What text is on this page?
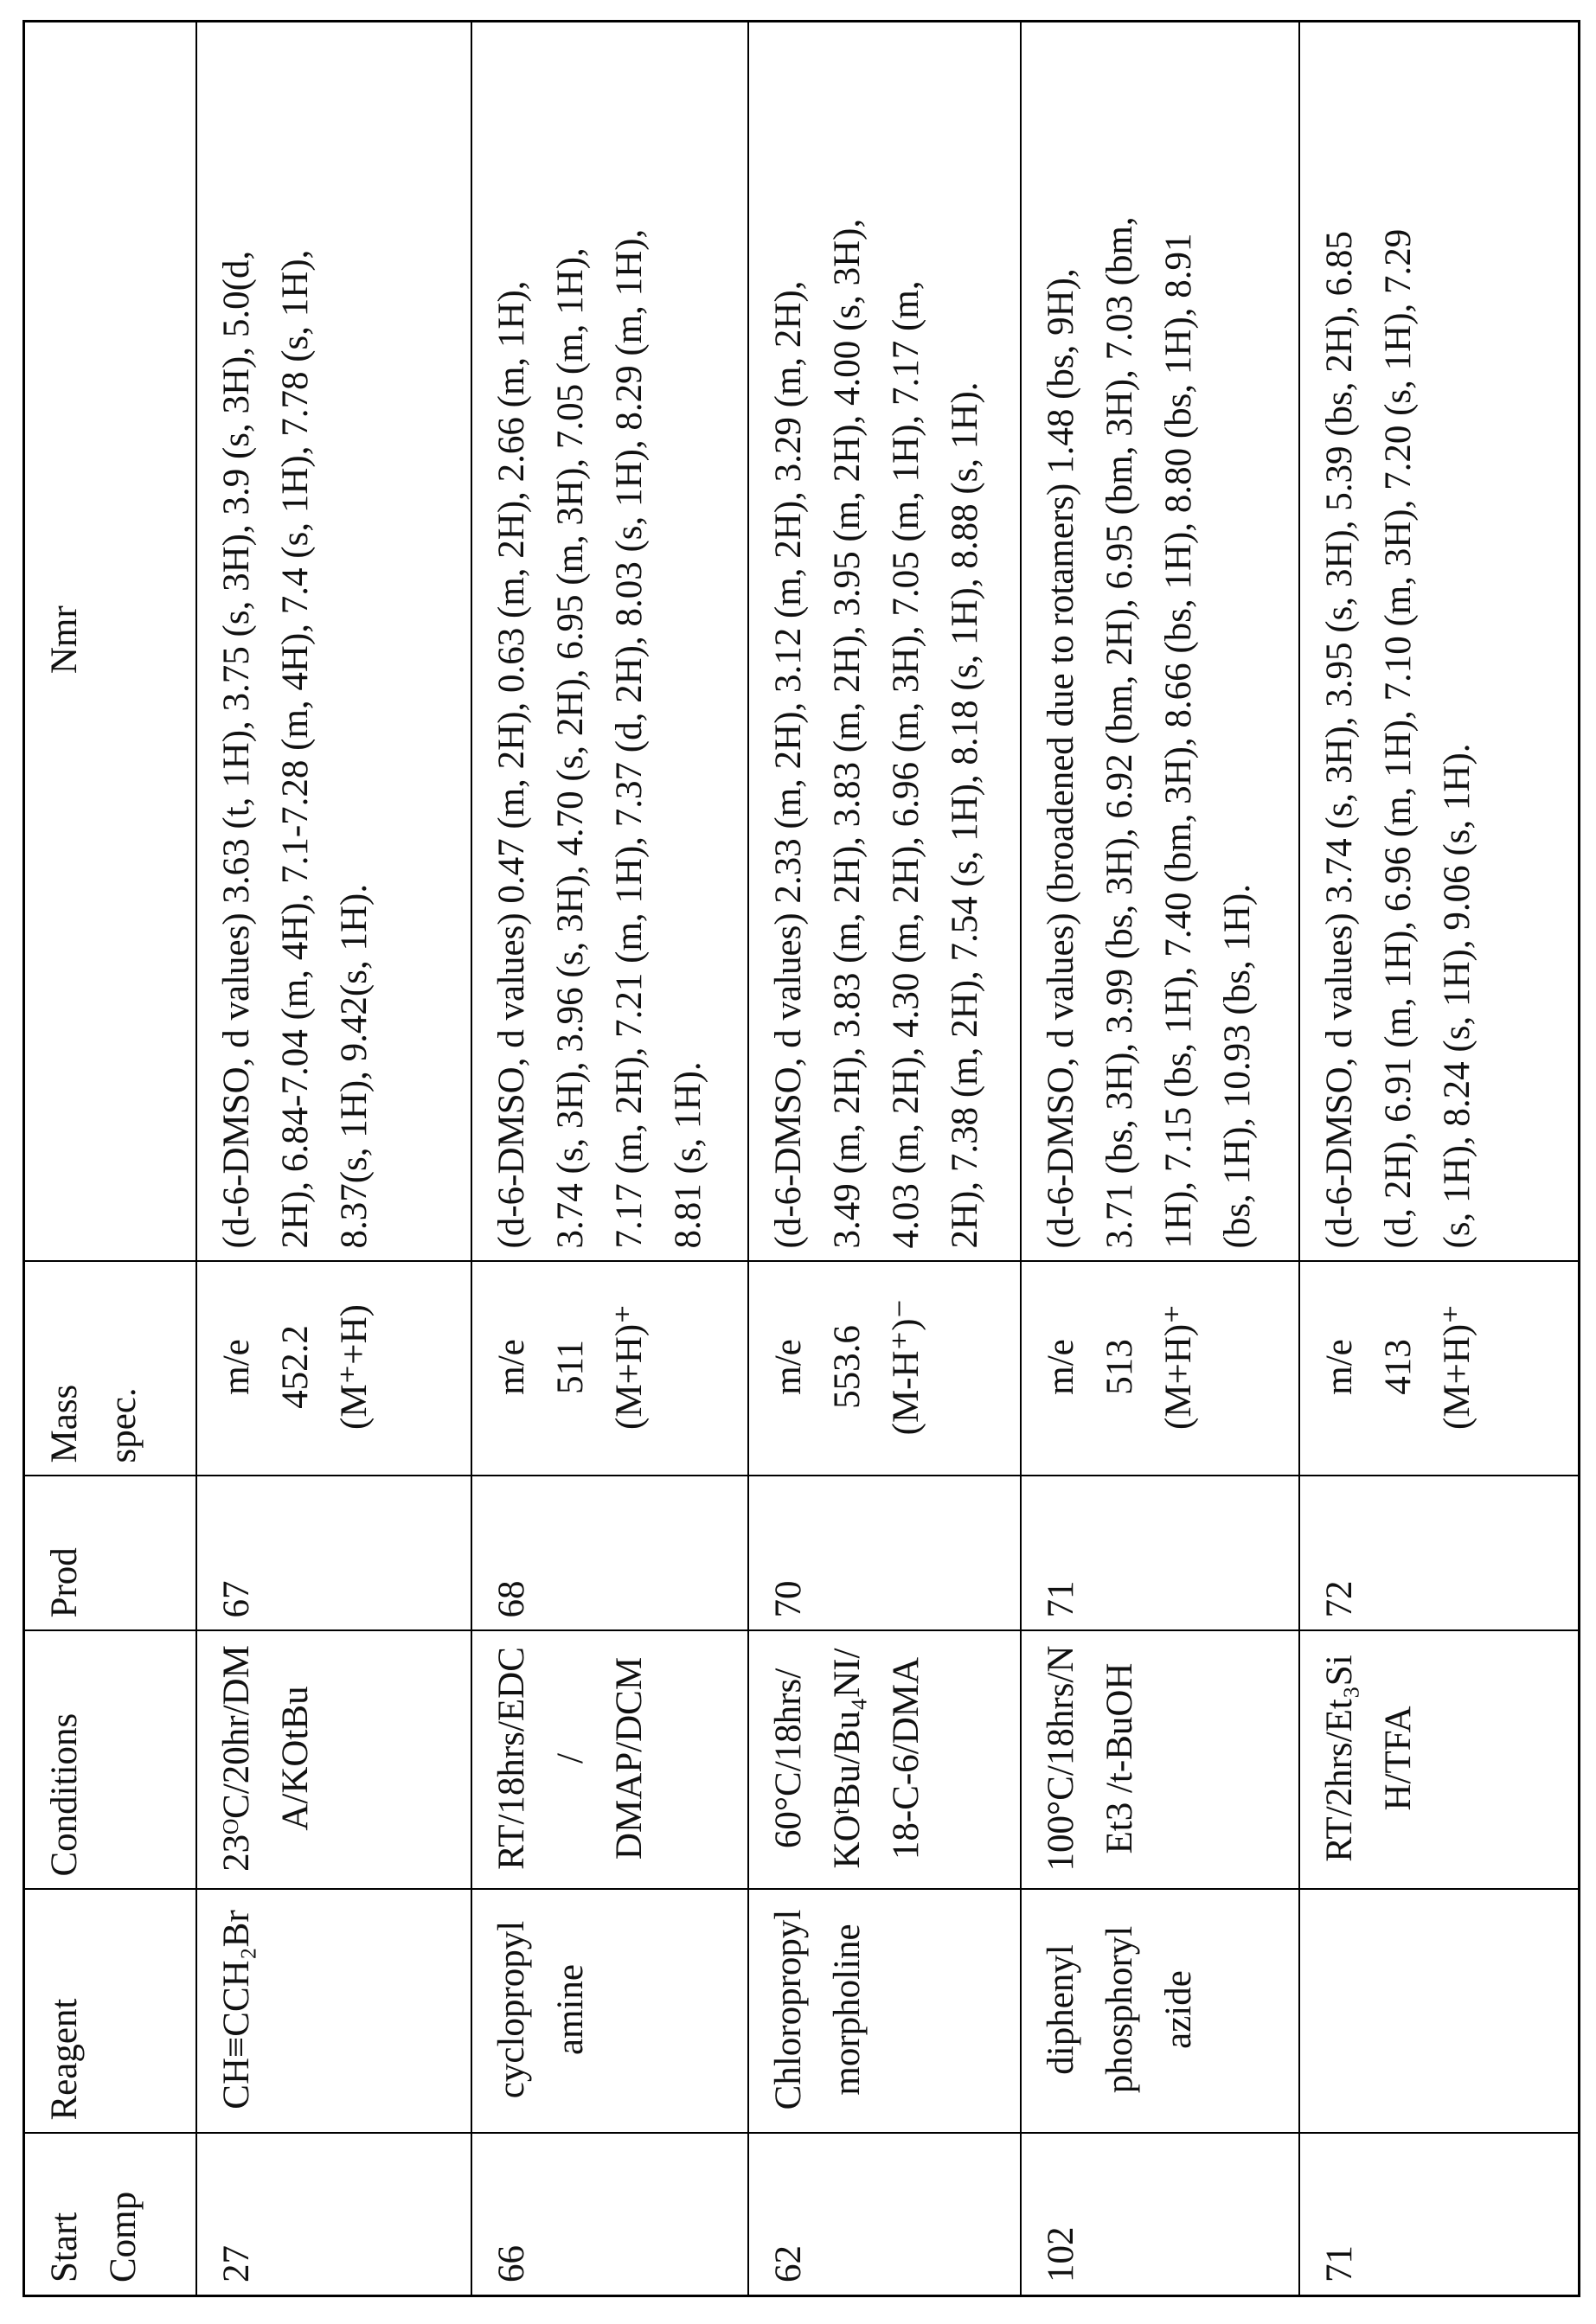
Start Comp

Reagent

Conditions

Prod

Mass spec.

Nmr

27

CH≡CCH₂Br

23ᴼC/20hr/DM A/KOtBu

67

m/e 452.2 (M⁺+H)

(d-6-DMSO, d values) 3.63 (t, 1H), 3.75 (s, 3H), 3.9 (s, 3H), 5.0(d, 2H), 6.84-7.04 (m, 4H), 7.1-7.28 (m, 4H), 7.4 (s, 1H), 7.78 (s, 1H), 8.37(s, 1H), 9.42(s, 1H).

66

cyclopropyl amine

RT/18hrs/EDC / DMAP/DCM

68

m/e 511 (M+H)⁺

(d-6-DMSO, d values) 0.47 (m, 2H), 0.63 (m, 2H), 2.66 (m, 1H), 3.74 (s, 3H), 3.96 (s, 3H), 4.70 (s, 2H), 6.95 (m, 3H), 7.05 (m, 1H), 7.17 (m, 2H), 7.21 (m, 1H), 7.37 (d, 2H), 8.03 (s, 1H), 8.29 (m, 1H), 8.81 (s, 1H).

62

Chloropropyl morpholine

60°C/18hrs/ KOᵗBu/Bu₄NI/ 18-C-6/DMA

70

m/e 553.6 (M-H⁺)⁻

(d-6-DMSO, d values) 2.33 (m, 2H), 3.12 (m, 2H), 3.29 (m, 2H), 3.49 (m, 2H), 3.83 (m, 2H), 3.83 (m, 2H), 3.95 (m, 2H), 4.00 (s, 3H), 4.03 (m, 2H), 4.30 (m, 2H), 6.96 (m, 3H), 7.05 (m, 1H), 7.17 (m, 2H), 7.38 (m, 2H), 7.54 (s, 1H), 8.18 (s, 1H), 8.88 (s, 1H).

102

diphenyl phosphoryl azide

100°C/18hrs/N Et3 /t-BuOH

71

m/e 513 (M+H)⁺

(d-6-DMSO, d values) (broadened due to rotamers) 1.48 (bs, 9H), 3.71 (bs, 3H), 3.99 (bs, 3H), 6.92 (bm, 2H), 6.95 (bm, 3H), 7.03 (bm, 1H), 7.15 (bs, 1H), 7.40 (bm, 3H), 8.66 (bs, 1H), 8.80 (bs, 1H), 8.91 (bs, 1H), 10.93 (bs, 1H).

71

RT/2hrs/Et₃Si H/TFA

72

m/e 413 (M+H)⁺

(d-6-DMSO, d values) 3.74 (s, 3H), 3.95 (s, 3H), 5.39 (bs, 2H), 6.85 (d, 2H), 6.91 (m, 1H), 6.96 (m, 1H), 7.10 (m, 3H), 7.20 (s, 1H), 7.29 (s, 1H), 8.24 (s, 1H), 9.06 (s, 1H).
